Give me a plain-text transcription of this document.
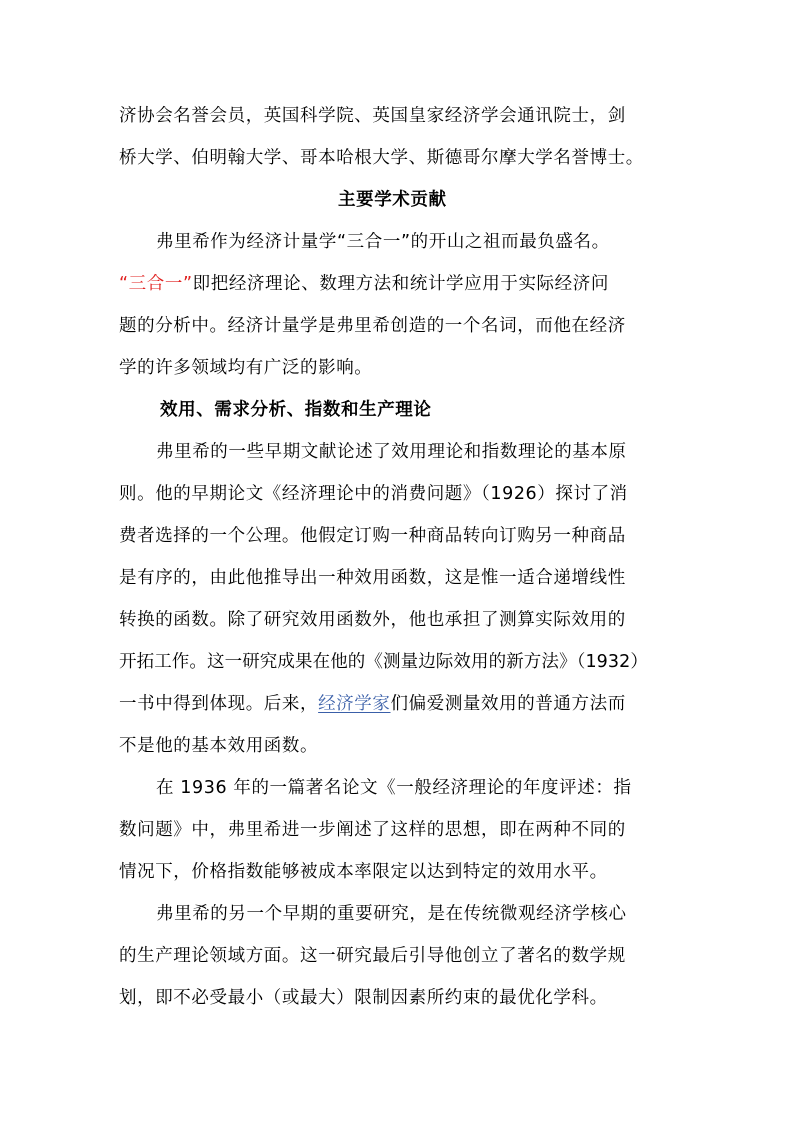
济协会名誉会员，英国科学院、英国皇家经济学会通讯院士，剑
桥大学、伯明翰大学、哥本哈根大学、斯德哥尔摩大学名誉博士。
主要学术贡献
弗里希作为经济计量学“三合一”的开山之祖而最负盛名。
“三合一”即把经济理论、数理方法和统计学应用于实际经济问
题的分析中。经济计量学是弗里希创造的一个名词，而他在经济
学的许多领域均有广泛的影响。
效用、需求分析、指数和生产理论
弗里希的一些早期文献论述了效用理论和指数理论的基本原
则。他的早期论文《经济理论中的消费问题》（1926）探讨了消
费者选择的一个公理。他假定订购一种商品转向订购另一种商品
是有序的，由此他推导出一种效用函数，这是惟一适合递增线性
转换的函数。除了研究效用函数外，他也承担了测算实际效用的
开拓工作。这一研究成果在他的《测量边际效用的新方法》（1932）
一书中得到体现。后来，经济学家们偏爱测量效用的普通方法而
不是他的基本效用函数。
在 1936 年的一篇著名论文《一般经济理论的年度评述：指
数问题》中，弗里希进一步阐述了这样的思想，即在两种不同的
情况下，价格指数能够被成本率限定以达到特定的效用水平。
弗里希的另一个早期的重要研究，是在传统微观经济学核心
的生产理论领域方面。这一研究最后引导他创立了著名的数学规
划，即不必受最小（或最大）限制因素所约束的最优化学科。
